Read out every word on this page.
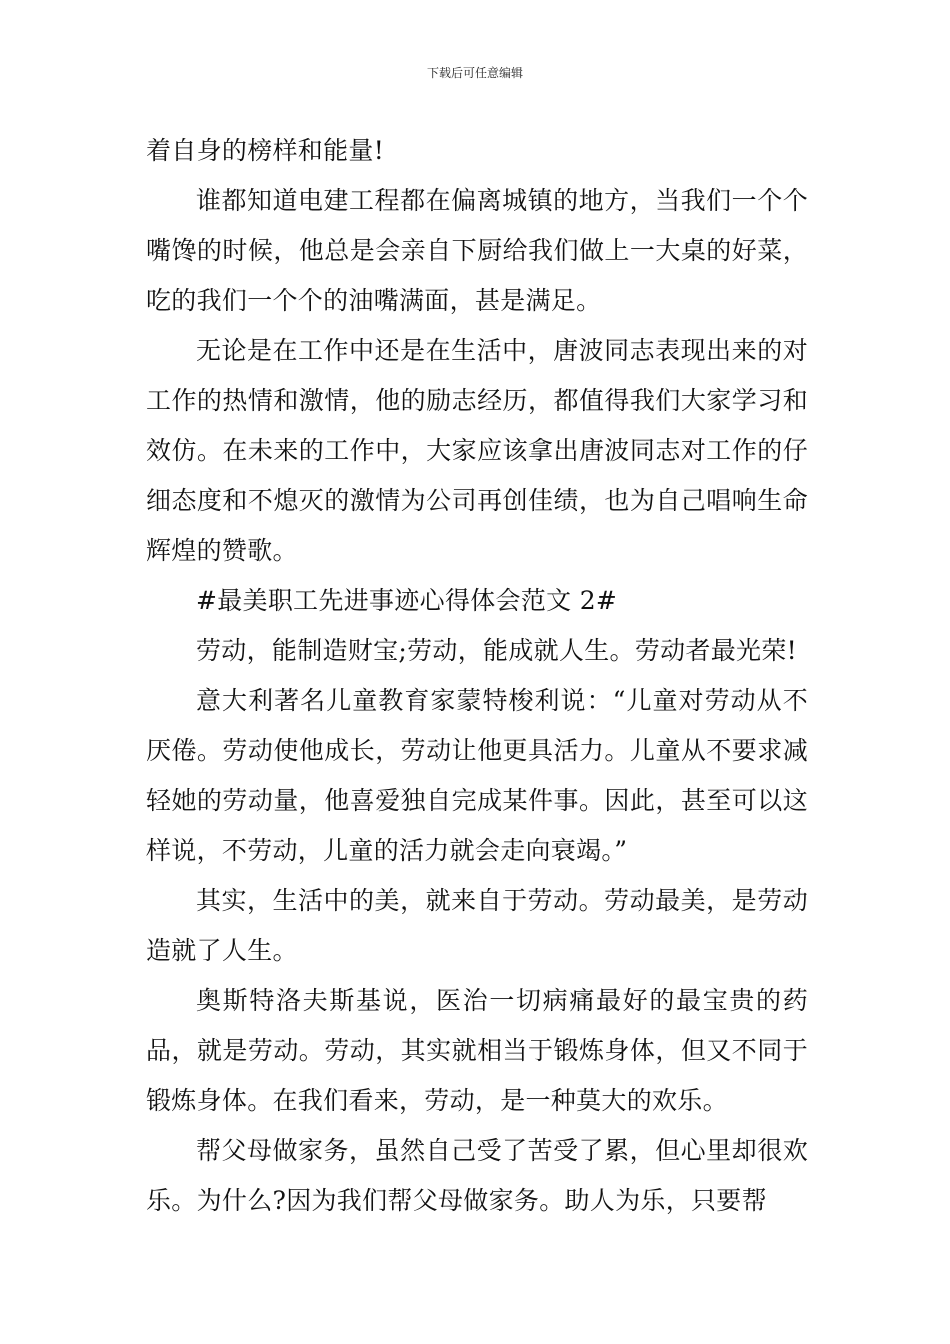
下载后可任意编辑

着自身的榜样和能量!

谁都知道电建工程都在偏离城镇的地方，当我们一个个嘴馋的时候，他总是会亲自下厨给我们做上一大桌的好菜，吃的我们一个个的油嘴满面，甚是满足。

无论是在工作中还是在生活中，唐波同志表现出来的对工作的热情和激情，他的励志经历，都值得我们大家学习和效仿。在未来的工作中，大家应该拿出唐波同志对工作的仔细态度和不熄灭的激情为公司再创佳绩，也为自己唱响生命辉煌的赞歌。

#最美职工先进事迹心得体会范文 2#

劳动，能制造财宝;劳动，能成就人生。劳动者最光荣!

意大利著名儿童教育家蒙特梭利说：“儿童对劳动从不厌倦。劳动使他成长，劳动让他更具活力。儿童从不要求减轻她的劳动量，他喜爱独自完成某件事。因此，甚至可以这样说，不劳动，儿童的活力就会走向衰竭。”

其实，生活中的美，就来自于劳动。劳动最美，是劳动造就了人生。

奥斯特洛夫斯基说，医治一切病痛最好的最宝贵的药品，就是劳动。劳动，其实就相当于锻炼身体，但又不同于锻炼身体。在我们看来，劳动，是一种莫大的欢乐。

帮父母做家务，虽然自己受了苦受了累，但心里却很欢乐。为什么?因为我们帮父母做家务。助人为乐，只要帮
